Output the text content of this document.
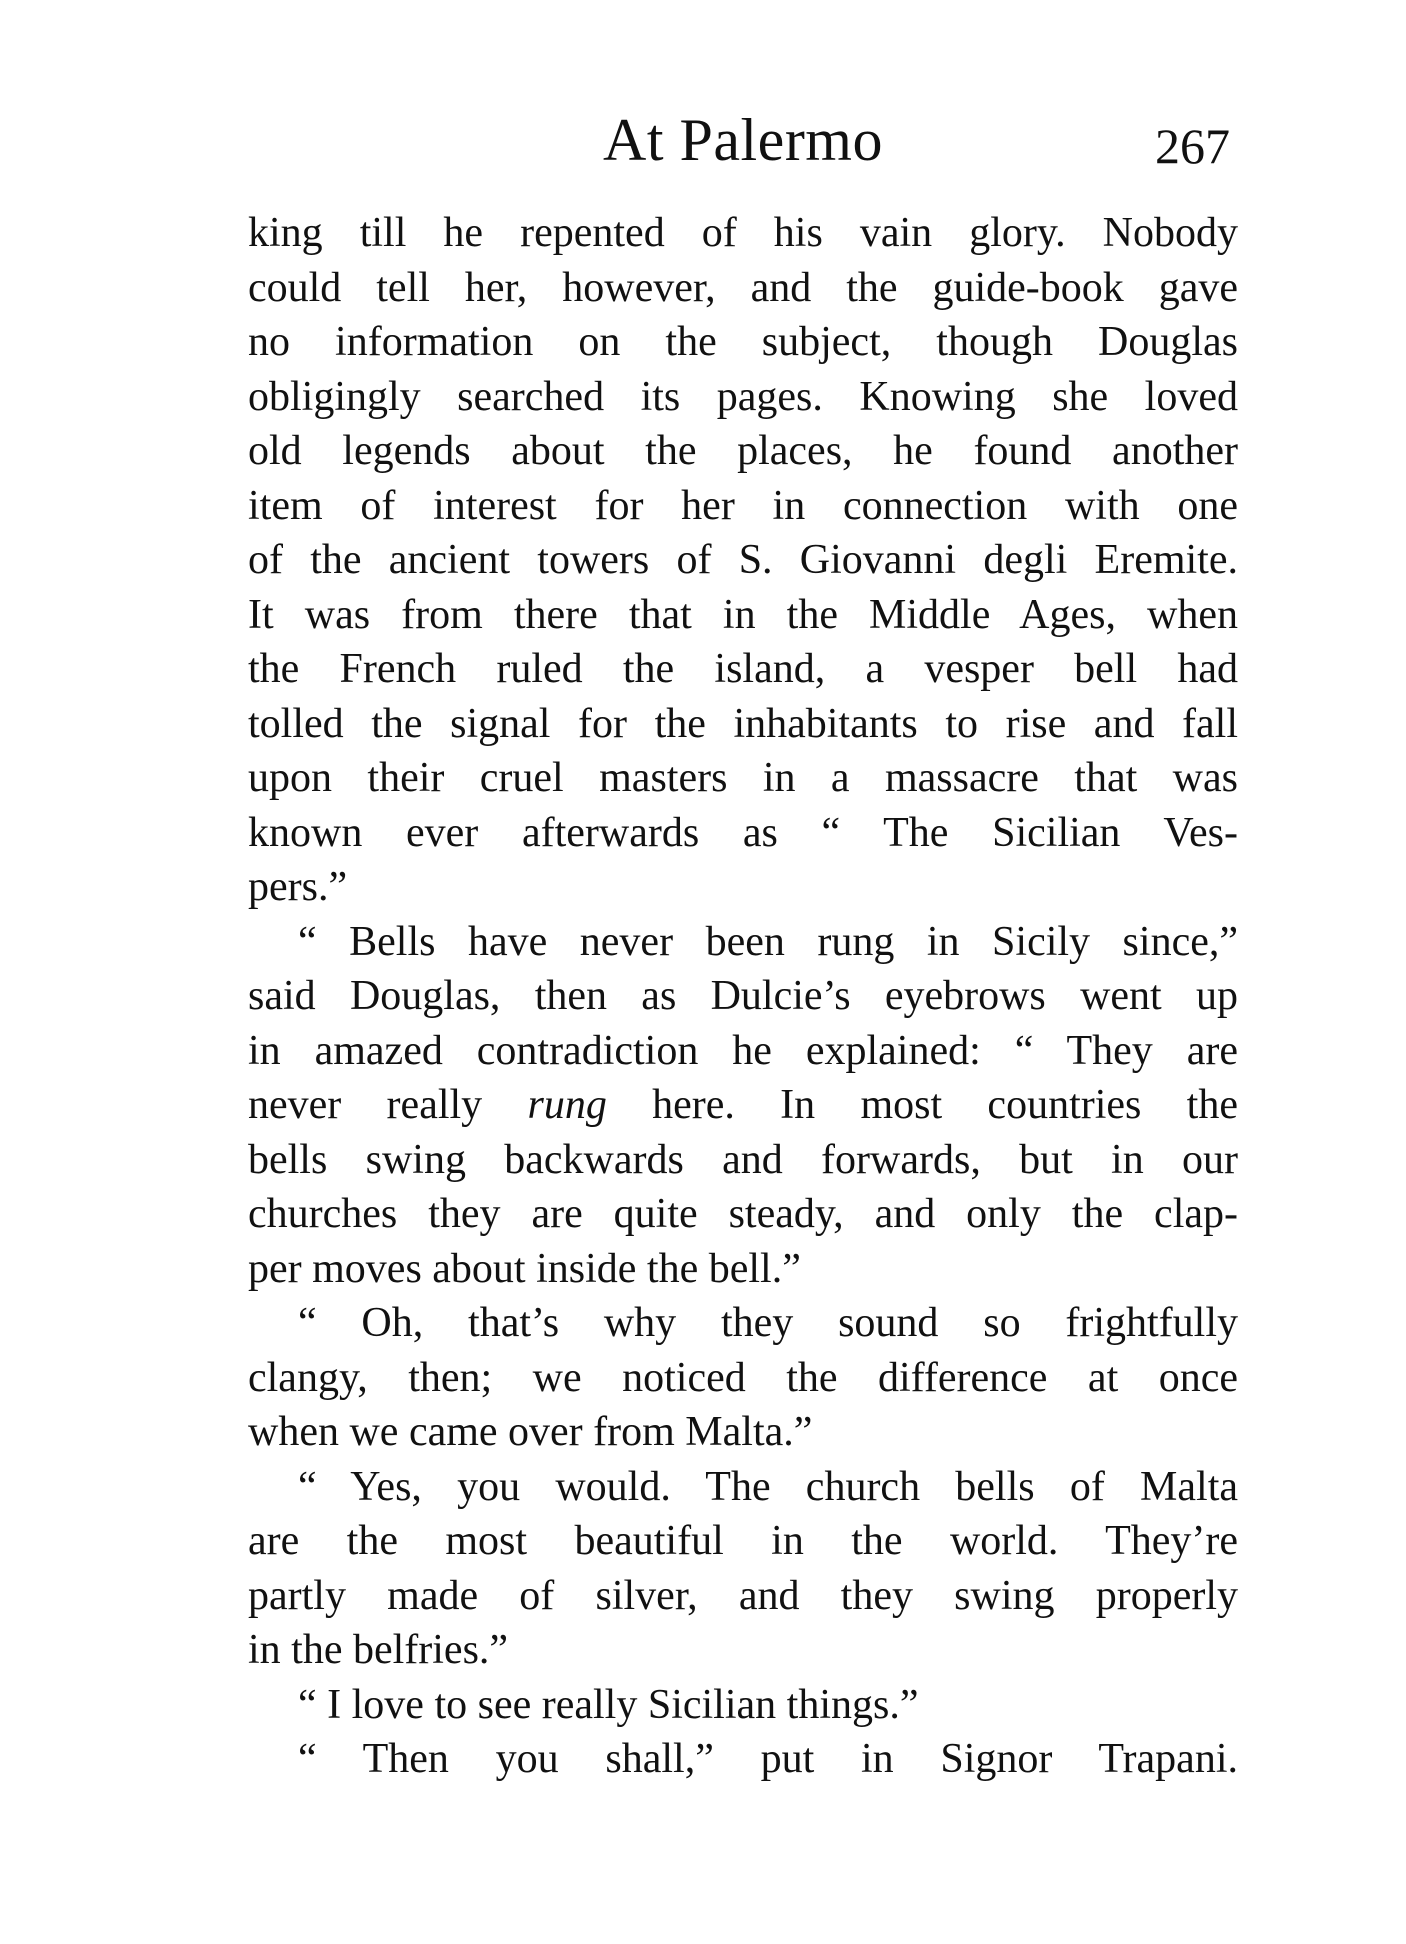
At Palermo	267
king till he repented of his vain glory. Nobody
could tell her, however, and the guide-book gave
no information on the subject, though Douglas
obligingly searched its pages. Knowing she loved
old legends about the places, he found another
item of interest for her in connection with one
of the ancient towers of S. Giovanni degli Eremite.
It was from there that in the Middle Ages, when
the French ruled the island, a vesper bell had
tolled the signal for the inhabitants to rise and fall
upon their cruel masters in a massacre that was
known ever afterwards as “ The Sicilian Ves-
pers.”
“ Bells have never been rung in Sicily since,”
said Douglas, then as Dulcie’s eyebrows went up
in amazed contradiction he explained: “ They are
never really rung here. In most countries the
bells swing backwards and forwards, but in our
churches they are quite steady, and only the clap-
per moves about inside the bell.”
“ Oh, that’s why they sound so frightfully
clangy, then; we noticed the difference at once
when we came over from Malta.”
“ Yes, you would. The church bells of Malta
are the most beautiful in the world. They’re
partly made of silver, and they swing properly
in the belfries.”
“ I love to see really Sicilian things.”
“ Then you shall,” put in Signor Trapani.
